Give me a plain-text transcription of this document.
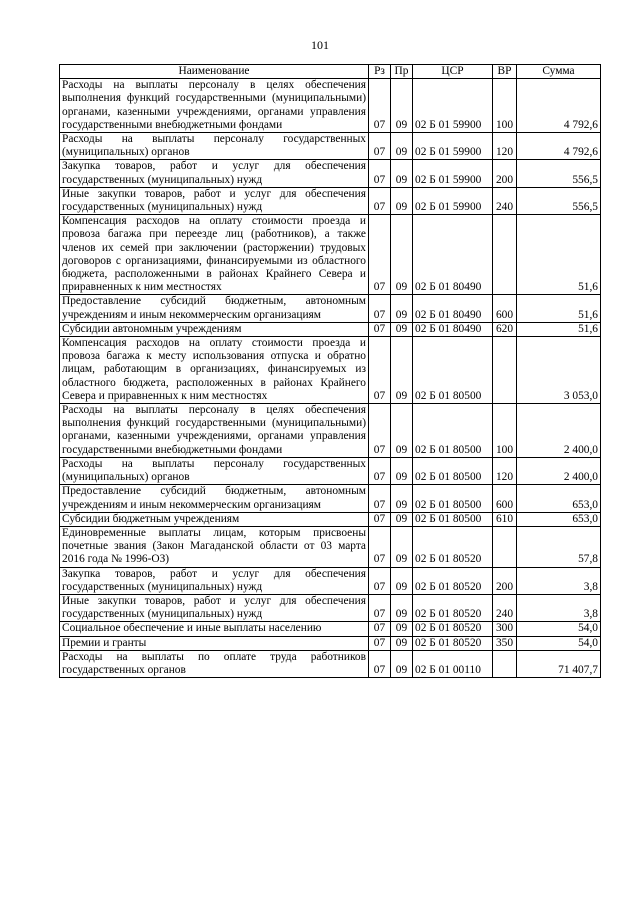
101
Наименование	Рз	Пр	ЦСР	ВР	Сумма
Расходы на выплаты персоналу в целях обеспечения выполнения функций государственными (муниципальными) органами, казенными учреждениями, органами управления государственными внебюджетными фондами	07	09	02 Б 01 59900	100	4 792,6
Расходы на выплаты персоналу государственных (муниципальных) органов	07	09	02 Б 01 59900	120	4 792,6
Закупка товаров, работ и услуг для обеспечения государственных (муниципальных) нужд	07	09	02 Б 01 59900	200	556,5
Иные закупки товаров, работ и услуг для обеспечения государственных (муниципальных) нужд	07	09	02 Б 01 59900	240	556,5
Компенсация расходов на оплату стоимости проезда и провоза багажа при переезде лиц (работников), а также членов их семей при заключении (расторжении) трудовых договоров с организациями, финансируемыми из областного бюджета, расположенными в районах Крайнего Севера и приравненных к ним местностях	07	09	02 Б 01 80490		51,6
Предоставление субсидий бюджетным, автономным учреждениям и иным некоммерческим организациям	07	09	02 Б 01 80490	600	51,6
Субсидии автономным учреждениям	07	09	02 Б 01 80490	620	51,6
Компенсация расходов на оплату стоимости проезда и провоза багажа к месту использования отпуска и обратно лицам, работающим в организациях, финансируемых из областного бюджета, расположенных в районах Крайнего Севера и приравненных к ним местностях	07	09	02 Б 01 80500		3 053,0
Расходы на выплаты персоналу в целях обеспечения выполнения функций государственными (муниципальными) органами, казенными учреждениями, органами управления государственными внебюджетными фондами	07	09	02 Б 01 80500	100	2 400,0
Расходы на выплаты персоналу государственных (муниципальных) органов	07	09	02 Б 01 80500	120	2 400,0
Предоставление субсидий бюджетным, автономным учреждениям и иным некоммерческим организациям	07	09	02 Б 01 80500	600	653,0
Субсидии бюджетным учреждениям	07	09	02 Б 01 80500	610	653,0
Единовременные выплаты лицам, которым присвоены почетные звания (Закон Магаданской области от 03 марта 2016 года № 1996-ОЗ)	07	09	02 Б 01 80520		57,8
Закупка товаров, работ и услуг для обеспечения государственных (муниципальных) нужд	07	09	02 Б 01 80520	200	3,8
Иные закупки товаров, работ и услуг для обеспечения государственных (муниципальных) нужд	07	09	02 Б 01 80520	240	3,8
Социальное обеспечение и иные выплаты населению	07	09	02 Б 01 80520	300	54,0
Премии и гранты	07	09	02 Б 01 80520	350	54,0
Расходы на выплаты по оплате труда работников государственных органов	07	09	02 Б 01 00110		71 407,7
